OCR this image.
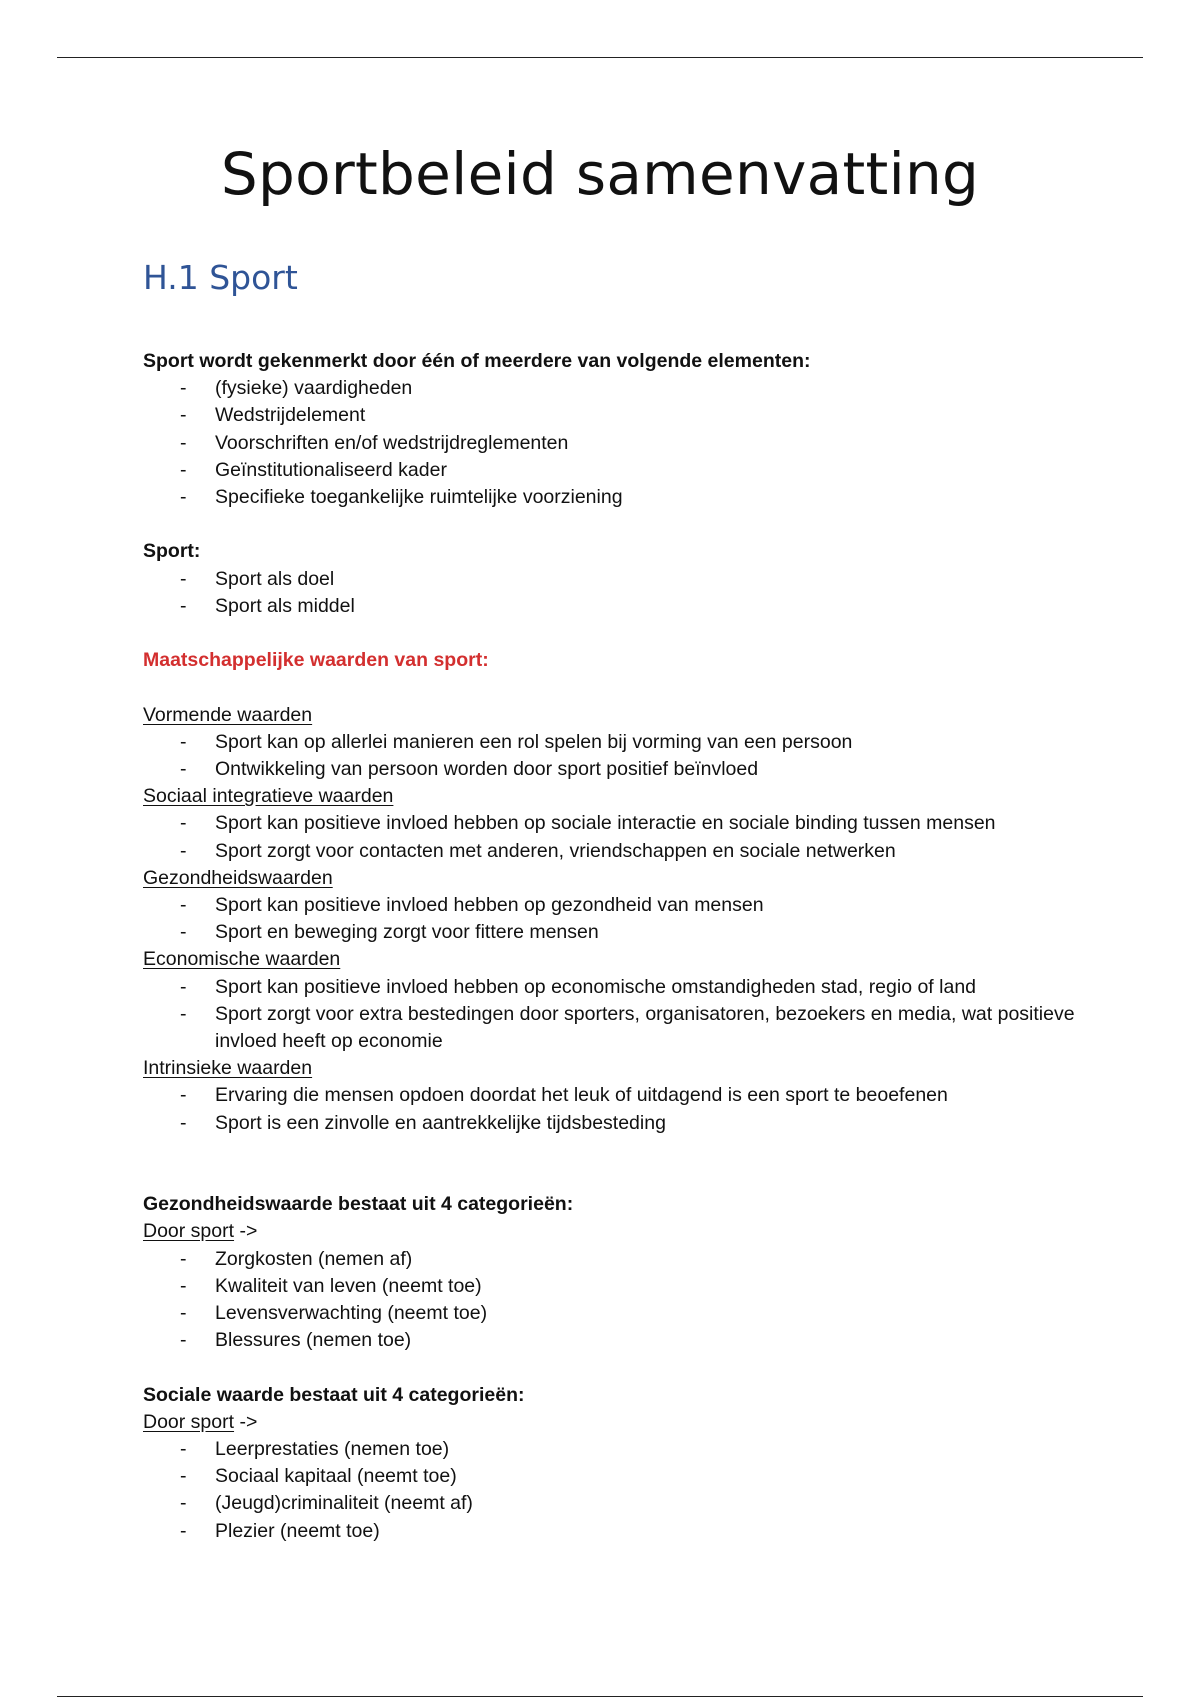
Sportbeleid samenvatting
H.1 Sport

Sport wordt gekenmerkt door één of meerdere van volgende elementen:

- (fysieke) vaardigheden
- Wedstrijdelement
- Voorschriften en/of wedstrijdreglementen
- Geïnstitutionaliseerd kader
- Specifieke toegankelijke ruimtelijke voorziening

Sport:

- Sport als doel
- Sport als middel

Maatschappelijke waarden van sport:

Vormende waarden

- Sport kan op allerlei manieren een rol spelen bij vorming van een persoon
- Ontwikkeling van persoon worden door sport positief beïnvloed

Sociaal integratieve waarden

- Sport kan positieve invloed hebben op sociale interactie en sociale binding tussen mensen
- Sport zorgt voor contacten met anderen, vriendschappen en sociale netwerken

Gezondheidswaarden

- Sport kan positieve invloed hebben op gezondheid van mensen
- Sport en beweging zorgt voor fittere mensen

Economische waarden

- Sport kan positieve invloed hebben op economische omstandigheden stad, regio of land
- Sport zorgt voor extra bestedingen door sporters, organisatoren, bezoekers en media, wat positieve invloed heeft op economie

Intrinsieke waarden

- Ervaring die mensen opdoen doordat het leuk of uitdagend is een sport te beoefenen
- Sport is een zinvolle en aantrekkelijke tijdsbesteding

Gezondheidswaarde bestaat uit 4 categorieën:

Door sport ->

- Zorgkosten (nemen af)
- Kwaliteit van leven (neemt toe)
- Levensverwachting (neemt toe)
- Blessures (nemen toe)

Sociale waarde bestaat uit 4 categorieën:

Door sport ->

- Leerprestaties (nemen toe)
- Sociaal kapitaal (neemt toe)
- (Jeugd)criminaliteit (neemt af)
- Plezier (neemt toe)
